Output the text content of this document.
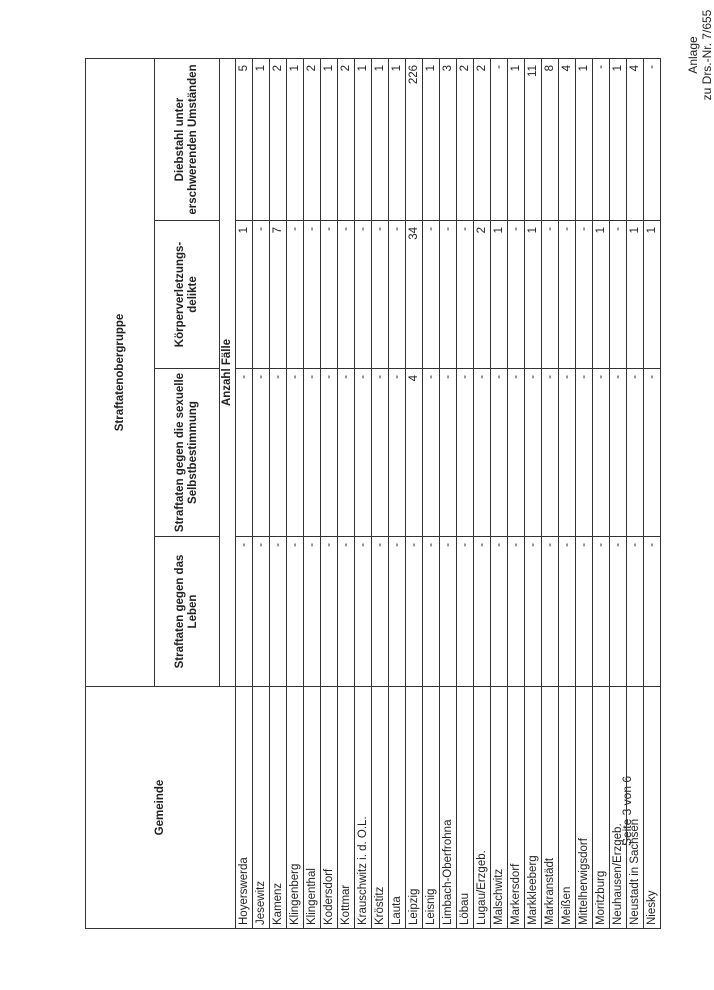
Anlage zu Drs.-Nr. 7/655
Seite 3 von 6
Gemeinde	Straftatenobergruppe			
	Straftaten gegen das Leben	Straftaten gegen die sexuelle Selbstbestimmung	Körperverletzungs-delikte	Diebstahl unter erschwerenden Umständen
	Anzahl Fälle			
Hoyerswerda	-	-	1	5
Jesewitz	-	-	-	1
Kamenz	-	-	7	2
Klingenberg	-	-	-	1
Klingenthal	-	-	-	2
Kodersdorf	-	-	-	1
Kottmar	-	-	-	2
Krauschwitz i. d. O.L.	-	-	-	1
Kröstitz	-	-	-	1
Lauta	-	-	-	1
Leipzig	-	4	34	226
Leisnig	-	-	-	1
Limbach-Oberfrohna	-	-	-	3
Löbau	-	-	-	2
Lugau/Erzgeb.	-	-	2	2
Malschwitz	-	-	1	-
Markersdorf	-	-	-	1
Markkleeberg	-	-	1	11
Markranstädt	-	-	-	8
Meißen	-	-	-	4
Mittelherwigsdorf	-	-	-	1
Moritzburg	-	-	1	-
Neuhausen/Erzgeb.	-	-	-	1
Neustadt in Sachsen	-	-	1	4
Niesky	-	-	1	-
